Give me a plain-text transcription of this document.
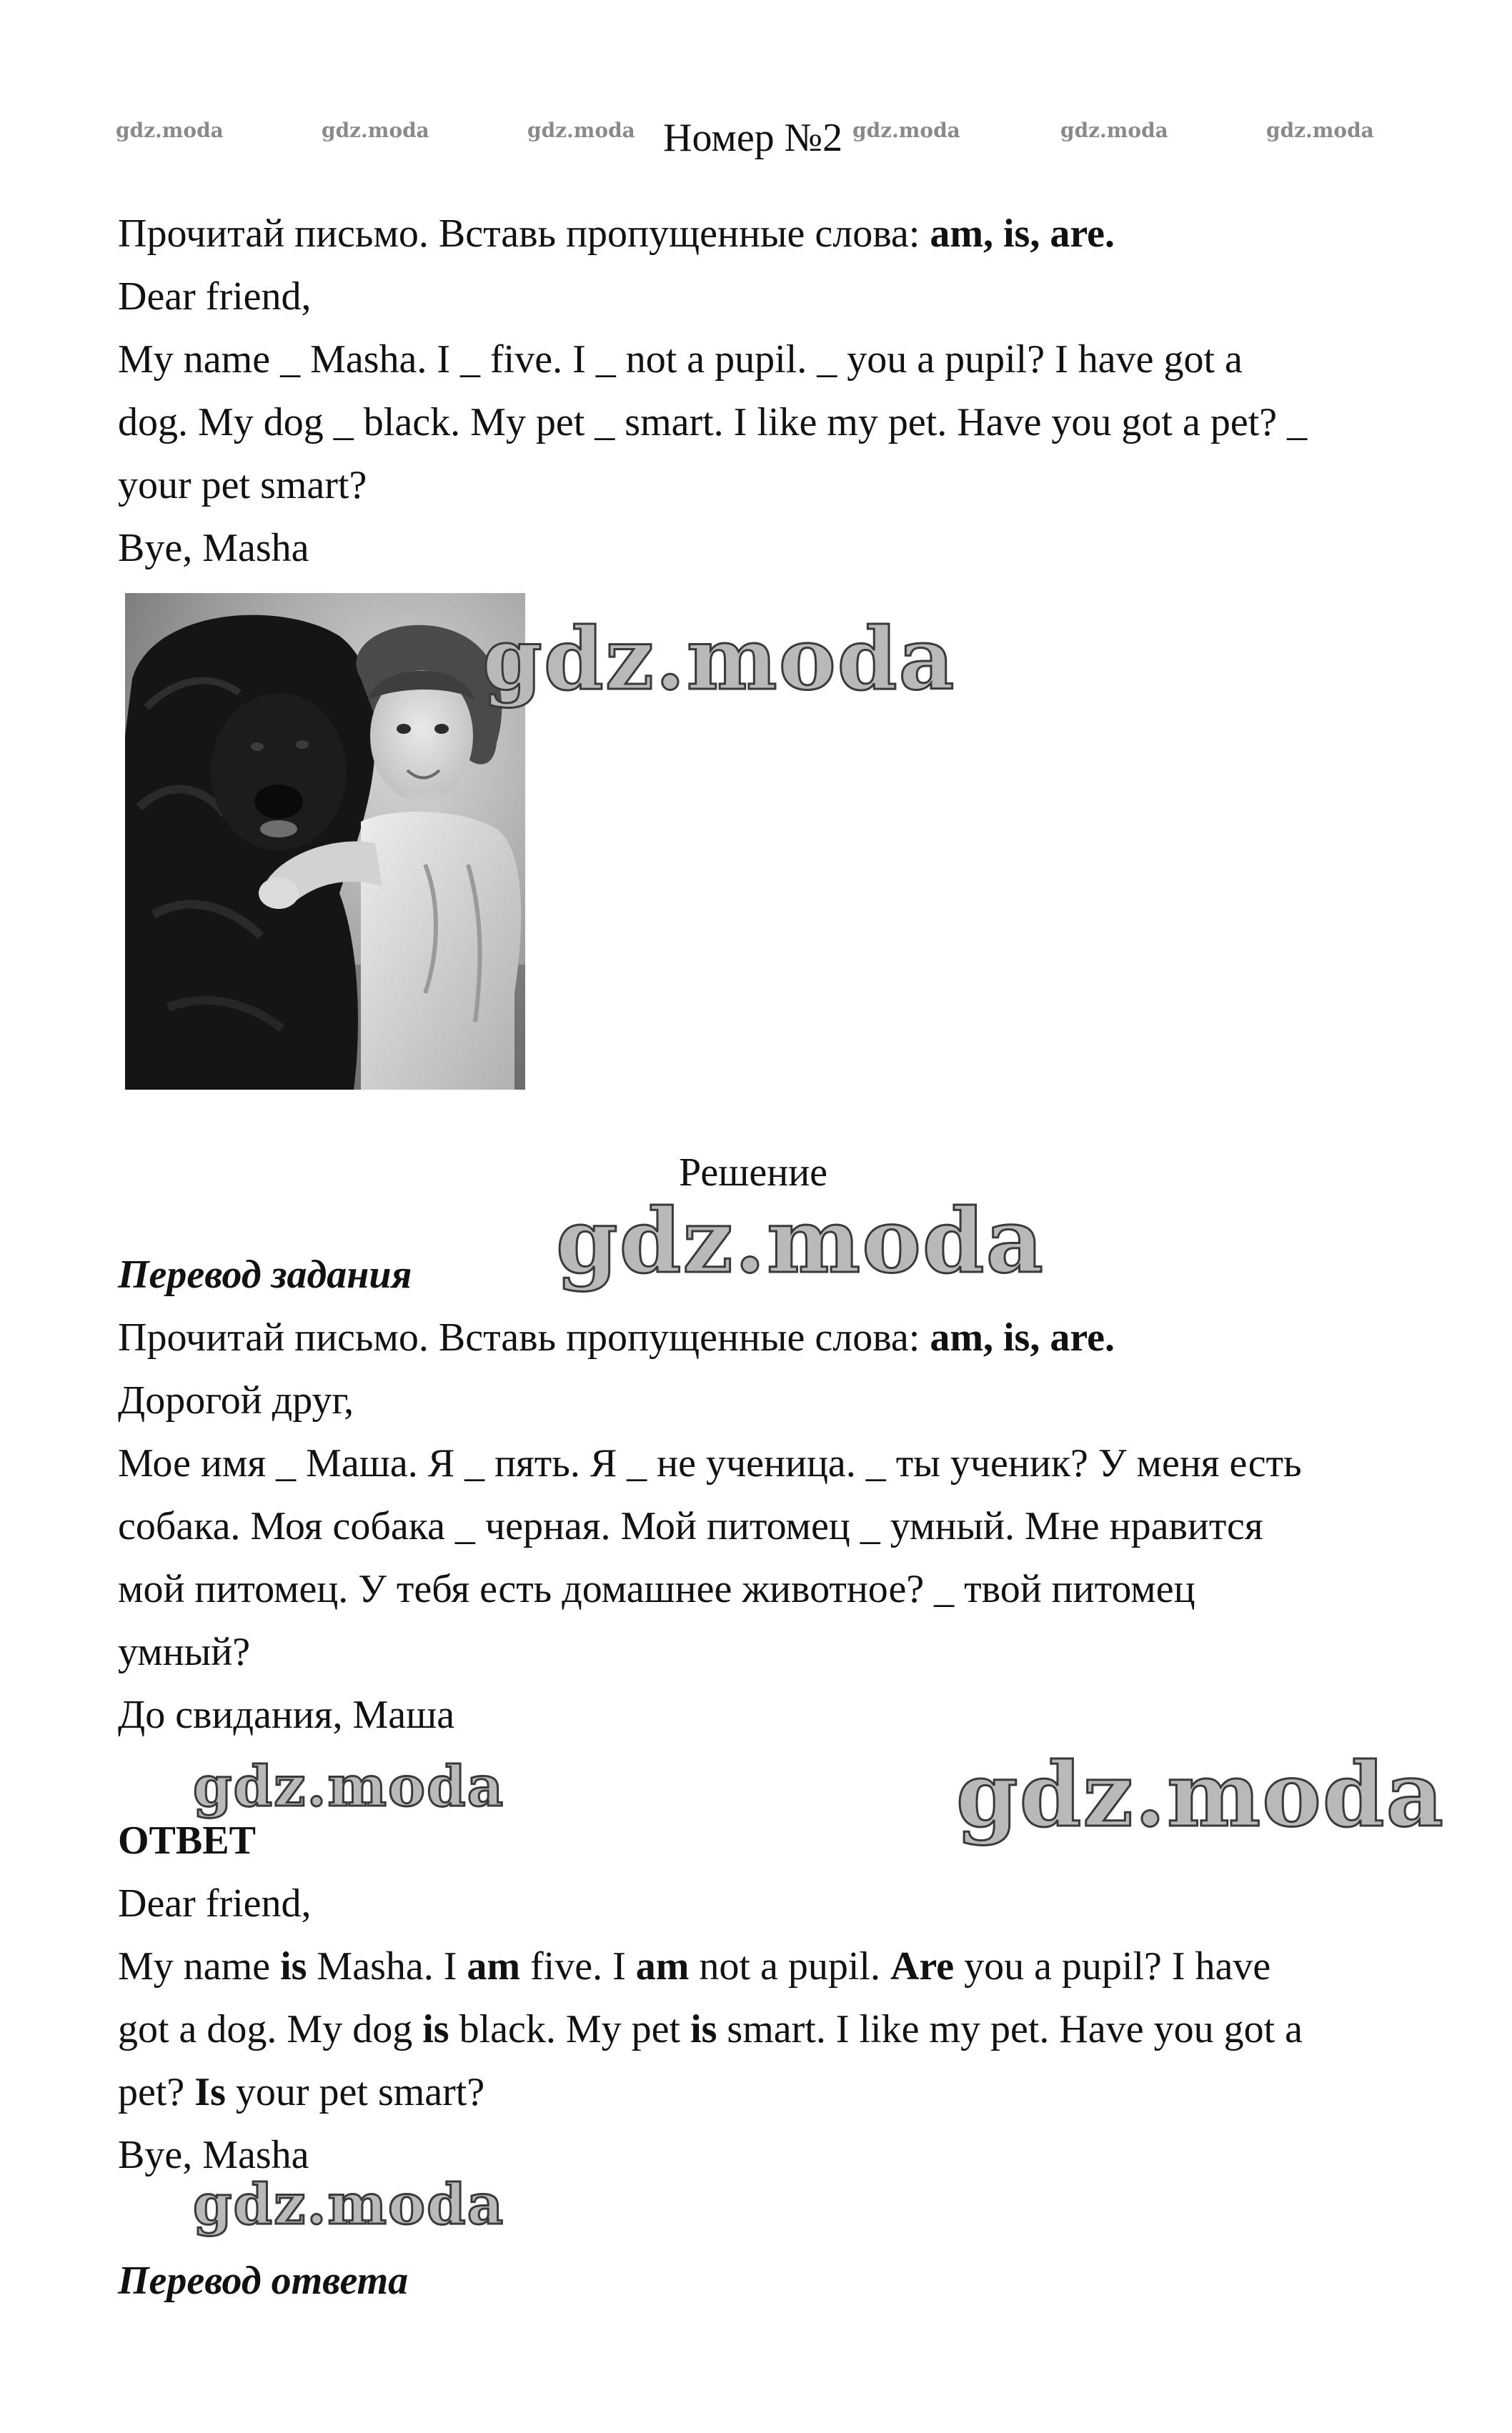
gdz.moda	gdz.moda	gdz.moda	gdz.moda	gdz.moda	gdz.moda
Номер №2
Прочитай письмо. Вставь пропущенные слова: am, is, are.
Dear friend,
My name _ Masha. I _ five. I _ not a pupil. _ you a pupil? I have got a
dog. My dog _ black. My pet _ smart. I like my pet. Have you got a pet? _
your pet smart?
Bye, Masha
gdz.moda
Решение
gdz.moda
Перевод задания
Прочитай письмо. Вставь пропущенные слова: am, is, are.
Дорогой друг,
Мое имя _ Маша. Я _ пять. Я _ не ученица. _ ты ученик? У меня есть
собака. Моя собака _ черная. Мой питомец _ умный. Мне нравится
мой питомец. У тебя есть домашнее животное? _ твой питомец
умный?
До свидания, Маша
gdz.moda	gdz.moda
ОТВЕТ
Dear friend,
My name is Masha. I am five. I am not a pupil. Are you a pupil? I have
got a dog. My dog is black. My pet is smart. I like my pet. Have you got a
pet? Is your pet smart?
Bye, Masha
gdz.moda
Перевод ответа
